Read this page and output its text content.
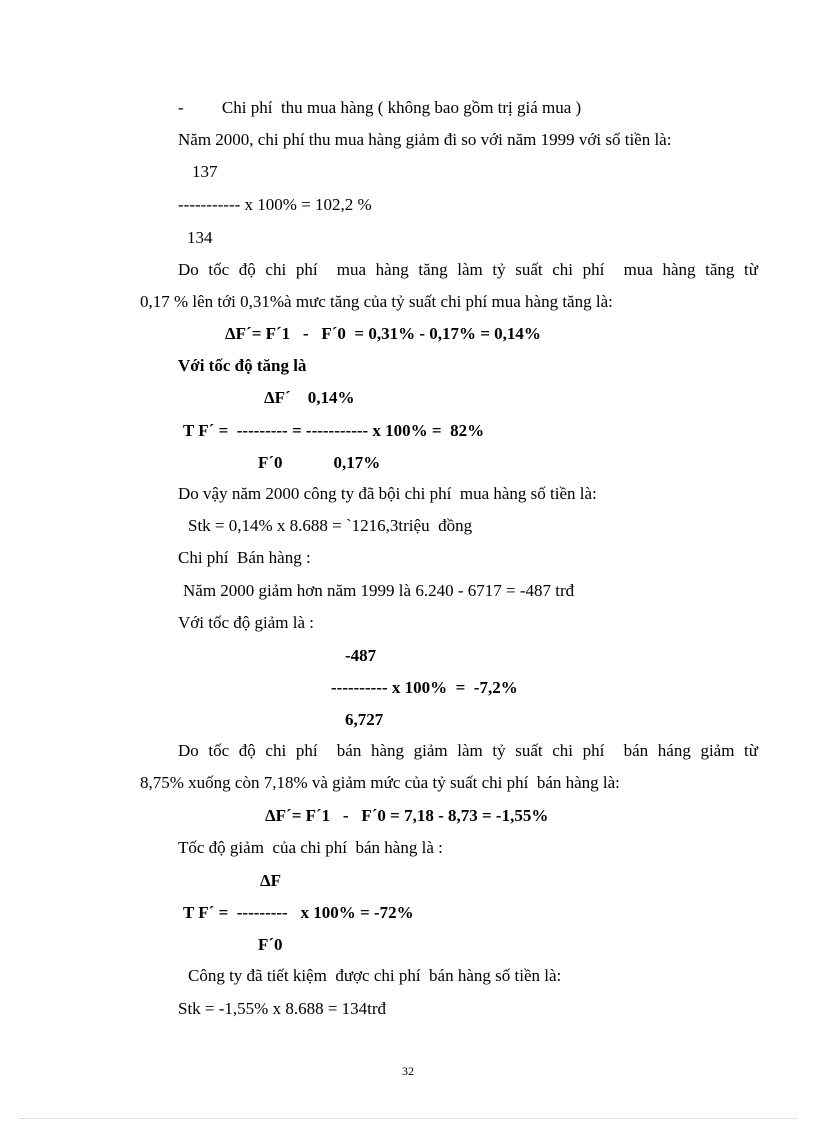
-         Chi phí  thu mua hàng ( không bao gồm trị giá mua )
Năm 2000, chi phí thu mua hàng giảm đi so với năm 1999 với số tiền là:
137
----------- x 100% = 102,2 %
134
Do tốc độ chi phí  mua hàng tăng làm tỷ suất chi phí  mua hàng tăng từ
0,17 % lên tới 0,31%à mưc tăng của tỷ suất chi phí mua hàng tăng là:
ΔF´= F´1   -   F´0  = 0,31% - 0,17% = 0,14%
Với tốc độ tăng là
ΔF´    0,14%
T F´ =  --------- = ----------- x 100% =  82%
F´0            0,17%
Do vậy năm 2000 công ty đã bội chi phí  mua hàng số tiền là:
Stk = 0,14% x 8.688 = `1216,3triệu  đồng
Chi phí  Bán hàng :
Năm 2000 giảm hơn năm 1999 là 6.240 - 6717 = -487 trđ
Với tốc độ giảm là :
-487
---------- x 100%  =  -7,2%
6,727
Do tốc độ chi phí  bán hàng giảm làm tỷ suất chi phí  bán háng giảm từ
8,75% xuống còn 7,18% và giảm mức của tỷ suất chi phí  bán hàng là:
ΔF´= F´1   -   F´0 = 7,18 - 8,73 = -1,55%
Tốc độ giảm  của chi phí  bán hàng là :
ΔF
T F´ =  ---------   x 100% = -72%
F´0
Công ty đã tiết kiệm  được chi phí  bán hàng số tiền là:
Stk = -1,55% x 8.688 = 134trđ
32
